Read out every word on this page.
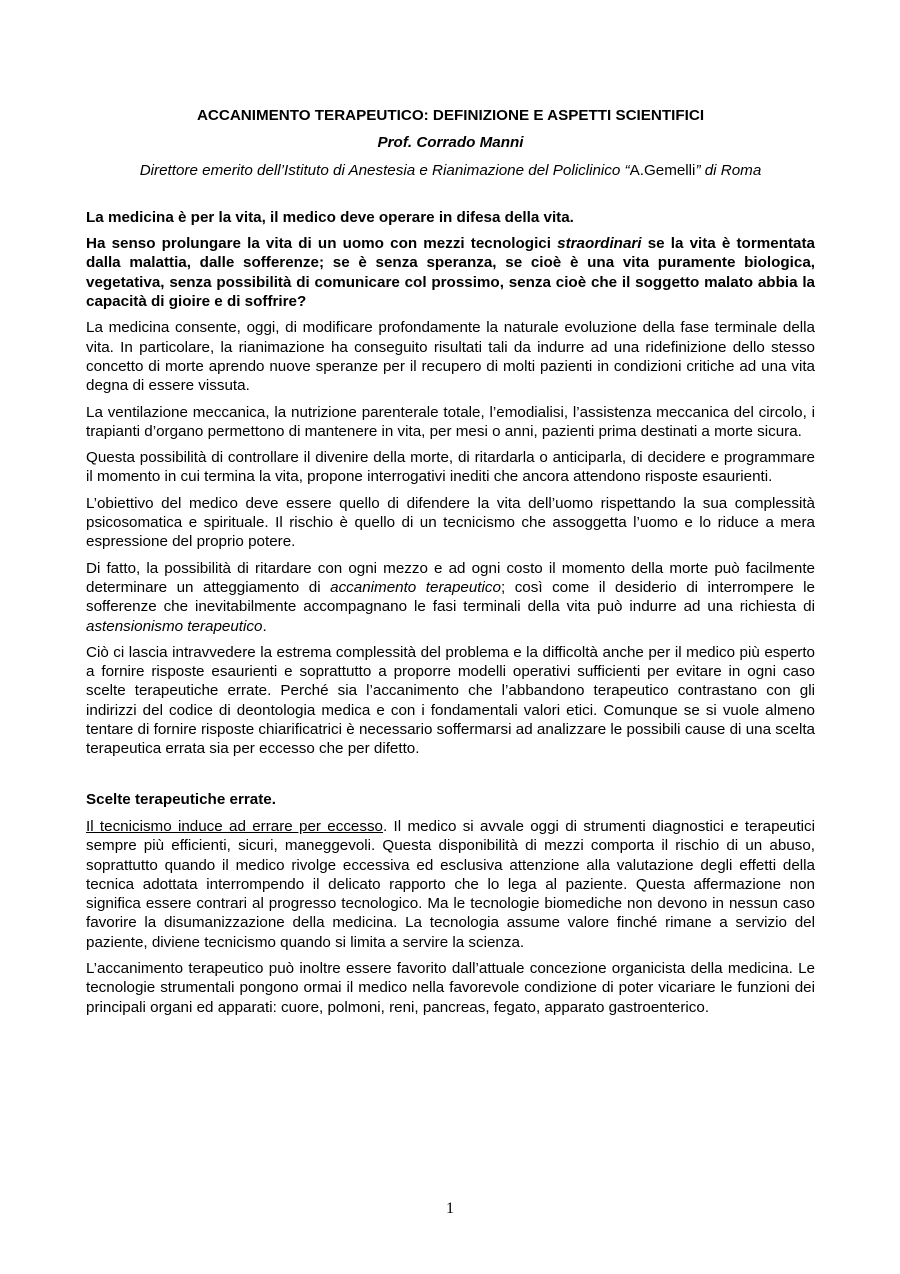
ACCANIMENTO TERAPEUTICO: DEFINIZIONE E ASPETTI SCIENTIFICI
Prof. Corrado Manni
Direttore emerito dell’Istituto di Anestesia e Rianimazione del Policlinico “A.Gemelli” di Roma

La medicina è per la vita, il medico deve operare in difesa della vita.

Ha senso prolungare la vita di un uomo con mezzi tecnologici straordinari se la vita è tormentata dalla malattia, dalle sofferenze; se è senza speranza, se cioè è una vita puramente biologica, vegetativa, senza possibilità di comunicare col prossimo, senza cioè che il soggetto malato abbia la capacità di gioire e di soffrire?

La medicina consente, oggi, di modificare profondamente la naturale evoluzione della fase terminale della vita. In particolare, la rianimazione ha conseguito risultati tali da indurre ad una ridefinizione dello stesso concetto di morte aprendo nuove speranze per il recupero di molti pazienti in condizioni critiche ad una vita degna di essere vissuta.

La ventilazione meccanica, la nutrizione parenterale totale, l’emodialisi, l’assistenza meccanica del circolo, i trapianti d’organo permettono di mantenere in vita, per mesi o anni, pazienti prima destinati a morte sicura.

Questa possibilità di controllare il divenire della morte, di ritardarla o anticiparla, di decidere e programmare il momento in cui termina la vita, propone interrogativi inediti che ancora attendono risposte esaurienti.

L’obiettivo del medico deve essere quello di difendere la vita dell’uomo rispettando la sua complessità psicosomatica e spirituale. Il rischio è quello di un tecnicismo che assoggetta l’uomo e lo riduce a mera espressione del proprio potere.

Di fatto, la possibilità di ritardare con ogni mezzo e ad ogni costo il momento della morte può facilmente determinare un atteggiamento di accanimento terapeutico; così come il desiderio di interrompere le sofferenze che inevitabilmente accompagnano le fasi terminali della vita può indurre ad una richiesta di astensionismo terapeutico.

Ciò ci lascia intravvedere la estrema complessità del problema e la difficoltà anche per il medico più esperto a fornire risposte esaurienti e soprattutto a proporre modelli operativi sufficienti per evitare in ogni caso scelte terapeutiche errate. Perché sia l’accanimento che l’abbandono terapeutico contrastano con gli indirizzi del codice di deontologia medica e con i fondamentali valori etici. Comunque se si vuole almeno tentare di fornire risposte chiarificatrici è necessario soffermarsi ad analizzare le possibili cause di una scelta terapeutica errata sia per eccesso che per difetto.

Scelte terapeutiche errate.

Il tecnicismo induce ad errare per eccesso. Il medico si avvale oggi di strumenti diagnostici e terapeutici sempre più efficienti, sicuri, maneggevoli. Questa disponibilità di mezzi comporta il rischio di un abuso, soprattutto quando il medico rivolge eccessiva ed esclusiva attenzione alla valutazione degli effetti della tecnica adottata interrompendo il delicato rapporto che lo lega al paziente. Questa affermazione non significa essere contrari al progresso tecnologico. Ma le tecnologie biomediche non devono in nessun caso favorire la disumanizzazione della medicina. La tecnologia assume valore finché rimane a servizio del paziente, diviene tecnicismo quando si limita a servire la scienza.

L’accanimento terapeutico può inoltre essere favorito dall’attuale concezione organicista della medicina. Le tecnologie strumentali pongono ormai il medico nella favorevole condizione di poter vicariare le funzioni dei principali organi ed apparati: cuore, polmoni, reni, pancreas, fegato, apparato gastroenterico.

1
